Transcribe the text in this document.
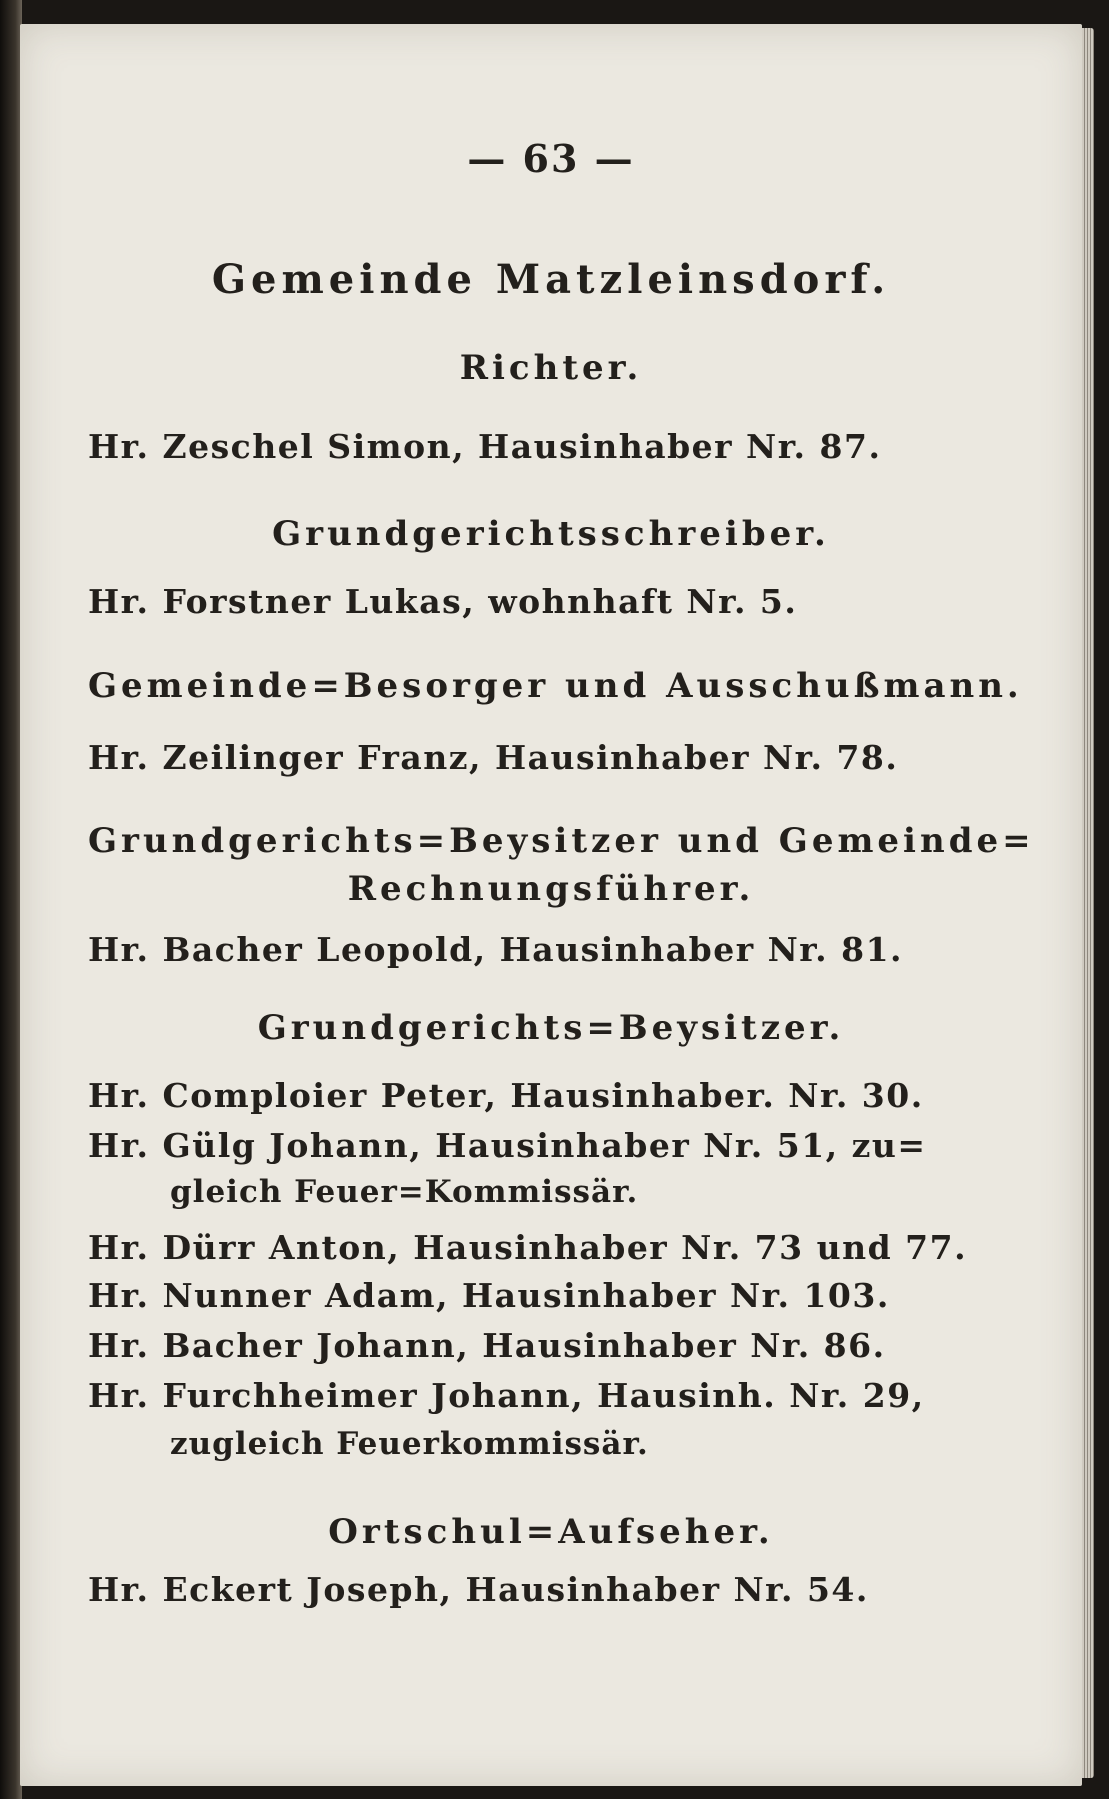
— 63 —
Gemeinde Matzleinsdorf.
Richter.
Hr. Zeschel Simon, Hausinhaber Nr. 87.
Grundgerichtsschreiber.
Hr. Forstner Lukas, wohnhaft Nr. 5.
Gemeinde=Besorger und Ausschußmann.
Hr. Zeilinger Franz, Hausinhaber Nr. 78.
Grundgerichts=Beysitzer und Gemeinde=
Rechnungsführer.
Hr. Bacher Leopold, Hausinhaber Nr. 81.
Grundgerichts=Beysitzer.
Hr. Comploier Peter, Hausinhaber. Nr. 30.
Hr. Gülg Johann, Hausinhaber Nr. 51, zu=
gleich Feuer=Kommissär.
Hr. Dürr Anton, Hausinhaber Nr. 73 und 77.
Hr. Nunner Adam, Hausinhaber Nr. 103.
Hr. Bacher Johann, Hausinhaber Nr. 86.
Hr. Furchheimer Johann, Hausinh. Nr. 29,
zugleich Feuerkommissär.
Ortschul=Aufseher.
Hr. Eckert Joseph, Hausinhaber Nr. 54.
